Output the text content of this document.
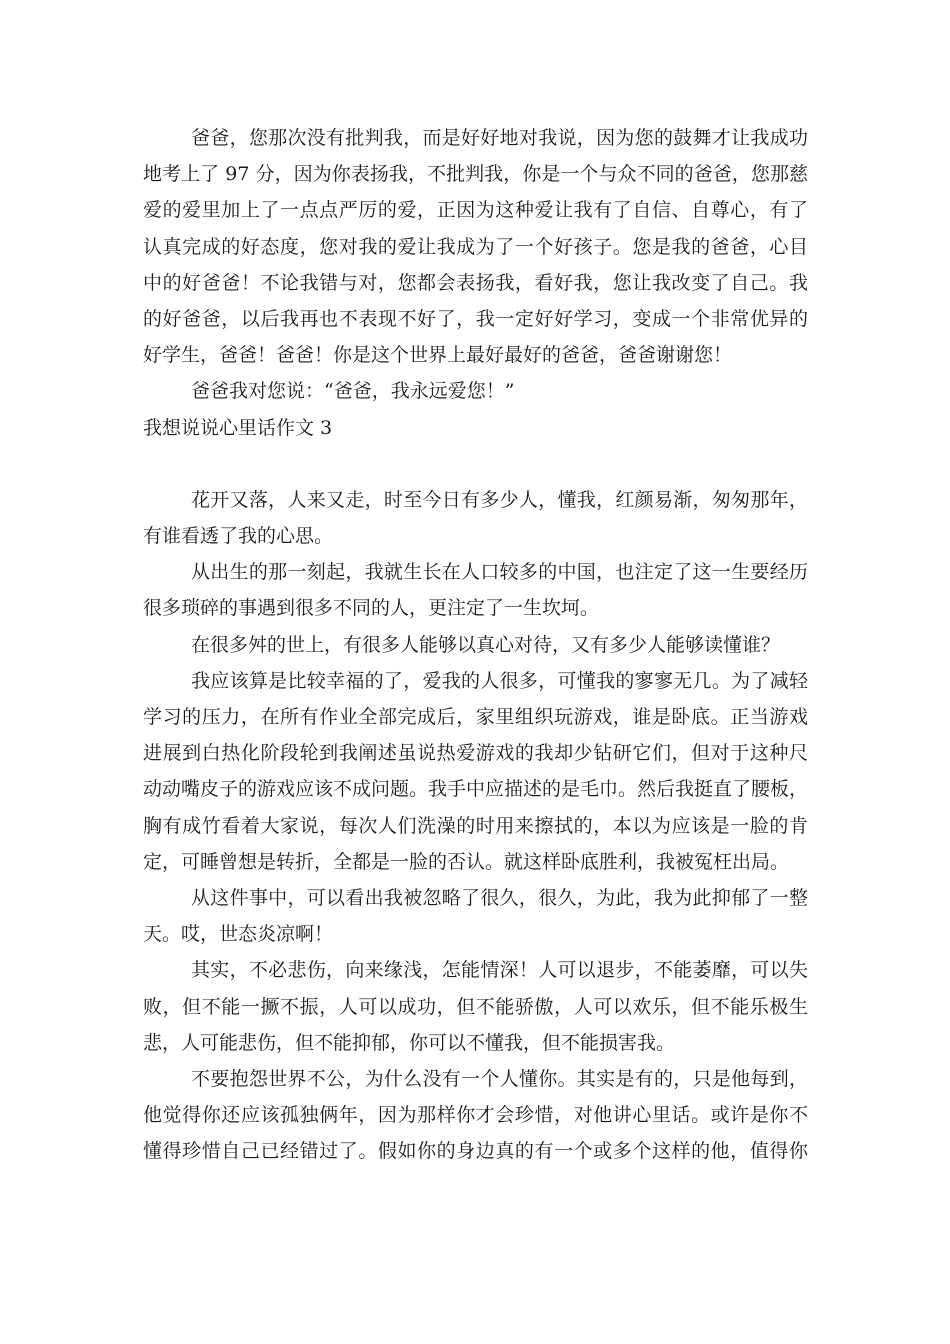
爸爸，您那次没有批判我，而是好好地对我说，因为您的鼓舞才让我成功
地考上了 97 分，因为你表扬我，不批判我，你是一个与众不同的爸爸，您那慈
爱的爱里加上了一点点严厉的爱，正因为这种爱让我有了自信、自尊心，有了
认真完成的好态度，您对我的爱让我成为了一个好孩子。您是我的爸爸，心目
中的好爸爸！不论我错与对，您都会表扬我，看好我，您让我改变了自己。我
的好爸爸，以后我再也不表现不好了，我一定好好学习，变成一个非常优异的
好学生，爸爸！爸爸！你是这个世界上最好最好的爸爸，爸爸谢谢您！
爸爸我对您说：“爸爸，我永远爱您！”
我想说说心里话作文 3
花开又落，人来又走，时至今日有多少人，懂我，红颜易渐，匆匆那年，
有谁看透了我的心思。
从出生的那一刻起，我就生长在人口较多的中国，也注定了这一生要经历
很多琐碎的事遇到很多不同的人，更注定了一生坎坷。
在很多舛的世上，有很多人能够以真心对待，又有多少人能够读懂谁？
我应该算是比较幸福的了，爱我的人很多，可懂我的寥寥无几。为了减轻
学习的压力，在所有作业全部完成后，家里组织玩游戏，谁是卧底。正当游戏
进展到白热化阶段轮到我阐述虽说热爱游戏的我却少钻研它们，但对于这种尺
动动嘴皮子的游戏应该不成问题。我手中应描述的是毛巾。然后我挺直了腰板，
胸有成竹看着大家说，每次人们洗澡的时用来擦拭的，本以为应该是一脸的肯
定，可睡曾想是转折，全都是一脸的否认。就这样卧底胜利，我被冤枉出局。
从这件事中，可以看出我被忽略了很久，很久，为此，我为此抑郁了一整
天。哎，世态炎凉啊！
其实，不必悲伤，向来缘浅，怎能情深！人可以退步，不能萎靡，可以失
败，但不能一撅不振，人可以成功，但不能骄傲，人可以欢乐，但不能乐极生
悲，人可能悲伤，但不能抑郁，你可以不懂我，但不能损害我。
不要抱怨世界不公，为什么没有一个人懂你。其实是有的，只是他每到，
他觉得你还应该孤独俩年，因为那样你才会珍惜，对他讲心里话。或许是你不
懂得珍惜自己已经错过了。假如你的身边真的有一个或多个这样的他，值得你
